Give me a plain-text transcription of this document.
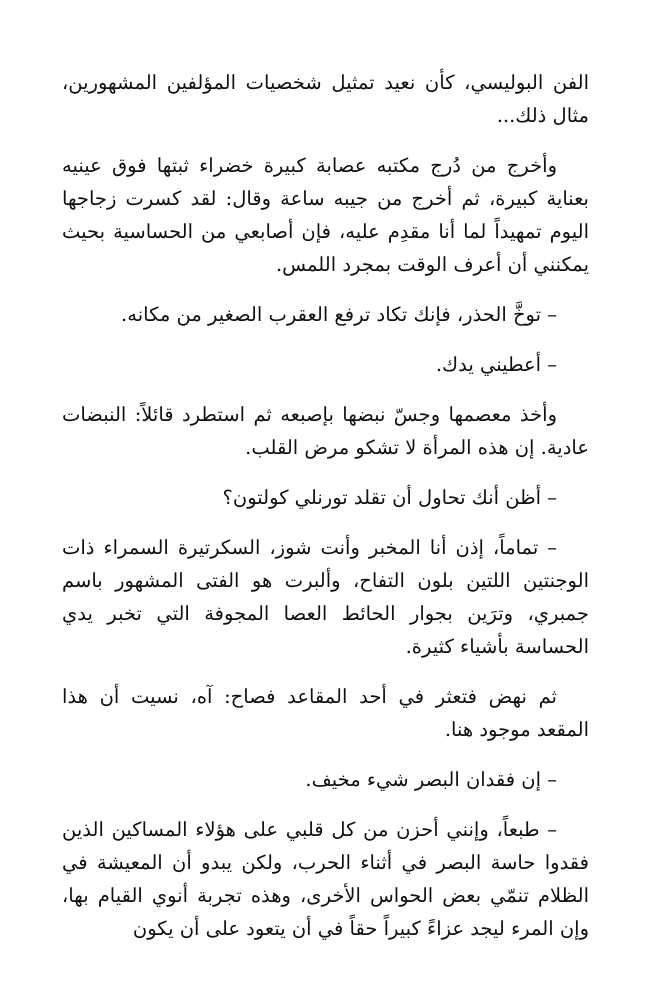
الفن البوليسي، كأن نعيد تمثيل شخصيات المؤلفين المشهورين، مثال ذلك...

وأخرج من دُرج مكتبه عصابة كبيرة خضراء ثبتها فوق عينيه بعناية كبيرة، ثم أخرج من جيبه ساعة وقال: لقد كسرت زجاجها اليوم تمهيداً لما أنا مقدِم عليه، فإن أصابعي من الحساسية بحيث يمكنني أن أعرف الوقت بمجرد اللمس.

– توخَّ الحذر، فإنك تكاد ترفع العقرب الصغير من مكانه.

– أعطيني يدك.

وأخذ معصمها وجسّ نبضها بإصبعه ثم استطرد قائلاً: النبضات عادية. إن هذه المرأة لا تشكو مرض القلب.

– أظن أنك تحاول أن تقلد تورنلي كولتون؟

– تماماً، إذن أنا المخبر وأنت شوز، السكرتيرة السمراء ذات الوجنتين اللتين بلون التفاح، وألبرت هو الفتى المشهور باسم جمبري، وترَين بجوار الحائط العصا المجوفة التي تخبر يدي الحساسة بأشياء كثيرة.

ثم نهض فتعثر في أحد المقاعد فصاح: آه، نسيت أن هذا المقعد موجود هنا.

– إن فقدان البصر شيء مخيف.

– طبعاً، وإنني أحزن من كل قلبي على هؤلاء المساكين الذين فقدوا حاسة البصر في أثناء الحرب، ولكن يبدو أن المعيشة في الظلام تنمّي بعض الحواس الأخرى، وهذه تجربة أنوي القيام بها، وإن المرء ليجد عزاءً كبيراً حقاً في أن يتعود على أن يكون
